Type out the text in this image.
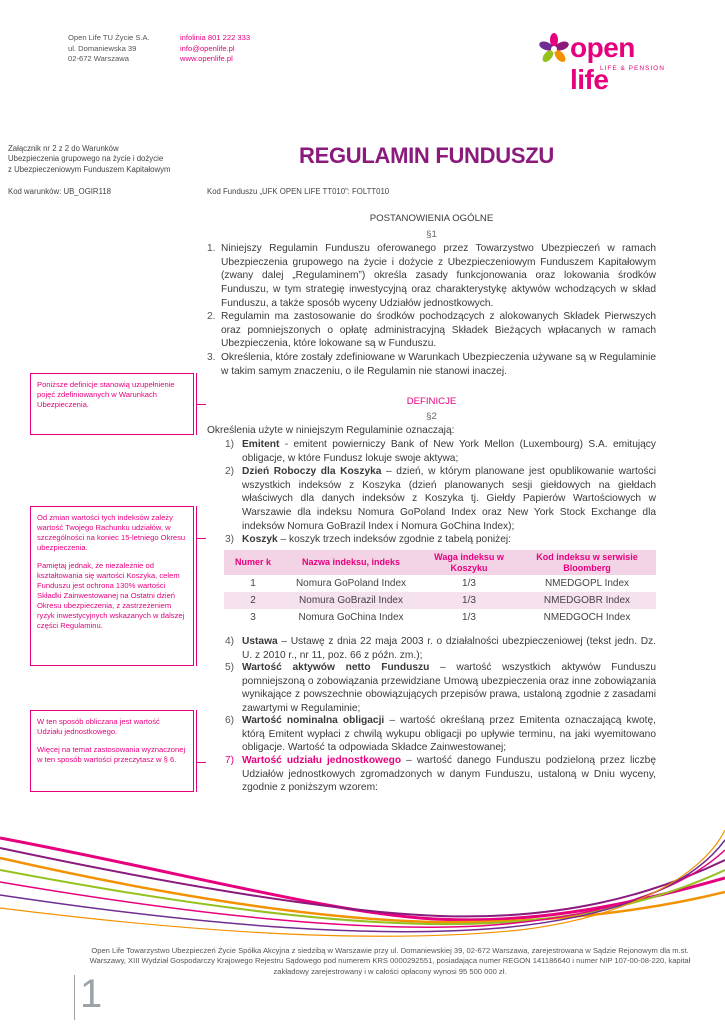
Open Life TU Życie S.A.
ul. Domaniewska 39
02-672 Warszawa
infolinia 801 222 333
info@openlife.pl
www.openlife.pl	open life
LIFE & PENSION
Załącznik nr 2 z 2 do Warunków
Ubezpieczenia grupowego na życie i dożycie
z Ubezpieczeniowym Funduszem Kapitałowym
REGULAMIN FUNDUSZU
Kod warunków: UB_OGIR118	Kod Funduszu „UFK OPEN LIFE TT010”: FOLTT010
POSTANOWIENIA OGÓLNE
§1
1. Niniejszy Regulamin Funduszu oferowanego przez Towarzystwo Ubezpieczeń w ramach Ubezpieczenia grupowego na życie i dożycie z Ubezpieczeniowym Funduszem Kapitałowym (zwany dalej „Regulaminem”) określa zasady funkcjonowania oraz lokowania środków Funduszu, w tym strategię inwestycyjną oraz charakterystykę aktywów wchodzących w skład Funduszu, a także sposób wyceny Udziałów jednostkowych.
2. Regulamin ma zastosowanie do środków pochodzących z alokowanych Składek Pierwszych oraz pomniejszonych o opłatę administracyjną Składek Bieżących wpłacanych w ramach Ubezpieczenia, które lokowane są w Funduszu.
3. Określenia, które zostały zdefiniowane w Warunkach Ubezpieczenia używane są w Regulaminie w takim samym znaczeniu, o ile Regulamin nie stanowi inaczej.
DEFINICJE
§2
Określenia użyte w niniejszym Regulaminie oznaczają:
1) Emitent - emitent powierniczy Bank of New York Mellon (Luxembourg) S.A. emitujący obligacje, w które Fundusz lokuje swoje aktywa;
2) Dzień Roboczy dla Koszyka – dzień, w którym planowane jest opublikowanie wartości wszystkich indeksów z Koszyka (dzień planowanych sesji giełdowych na giełdach właściwych dla danych indeksów z Koszyka tj. Giełdy Papierów Wartościowych w Warszawie dla indeksu Nomura GoPoland Index oraz New York Stock Exchange dla indeksów Nomura GoBrazil Index i Nomura GoChina Index);
3) Koszyk – koszyk trzech indeksów zgodnie z tabelą poniżej:
Numer k	Nazwa indeksu, indeks	Waga indeksu w Koszyku	Kod indeksu w serwisie Bloomberg
1	Nomura GoPoland Index	1/3	NMEDGOPL Index
2	Nomura GoBrazil Index	1/3	NMEDGOBR Index
3	Nomura GoChina Index	1/3	NMEDGOCH Index
4) Ustawa – Ustawę z dnia 22 maja 2003 r. o działalności ubezpieczeniowej (tekst jedn. Dz. U. z 2010 r., nr 11, poz. 66 z późn. zm.);
5) Wartość aktywów netto Funduszu – wartość wszystkich aktywów Funduszu pomniejszoną o zobowiązania przewidziane Umową ubezpieczenia oraz inne zobowiązania wynikające z powszechnie obowiązujących przepisów prawa, ustaloną zgodnie z zasadami zawartymi w Regulaminie;
6) Wartość nominalna obligacji – wartość określaną przez Emitenta oznaczającą kwotę, którą Emitent wypłaci z chwilą wykupu obligacji po upływie terminu, na jaki wyemitowano obligacje. Wartość ta odpowiada Składce Zainwestowanej;
7) Wartość udziału jednostkowego – wartość danego Funduszu podzieloną przez liczbę Udziałów jednostkowych zgromadzonych w danym Funduszu, ustaloną w Dniu wyceny, zgodnie z poniższym wzorem:

Poniższe definicje stanowią uzupełnienie pojęć zdefiniowanych w Warunkach Ubezpieczenia.

Od zmian wartości tych indeksów zależy wartość Twojego Rachunku udziałów, w szczególności na koniec 15-letniego Okresu ubezpieczenia.

Pamiętaj jednak, że niezależnie od kształtowania się wartości Koszyka, celem Funduszu jest ochrona 130% wartości Składki Zainwestowanej na Ostatni dzień Okresu ubezpieczenia, z zastrzeżeniem ryzyk inwestycyjnych wskazanych w dalszej części Regulaminu.

W ten sposób obliczana jest wartość Udziału jednostkowego.

Więcej na temat zastosowania wyznaczonej w ten sposób wartości przeczytasz w § 6.

Open Life Towarzystwo Ubezpieczeń Życie Spółka Akcyjna z siedzibą w Warszawie przy ul. Domaniewskiej 39, 02-672 Warszawa, zarejestrowana w Sądzie Rejonowym dla m.st.
Warszawy, XIII Wydział Gospodarczy Krajowego Rejestru Sądowego pod numerem KRS 0000292551, posiadająca numer REGON 141186640 i numer NIP 107-00-08-220, kapitał
zakładowy zarejestrowany i w całości opłacony wynosi 95 500 000 zł.
1
